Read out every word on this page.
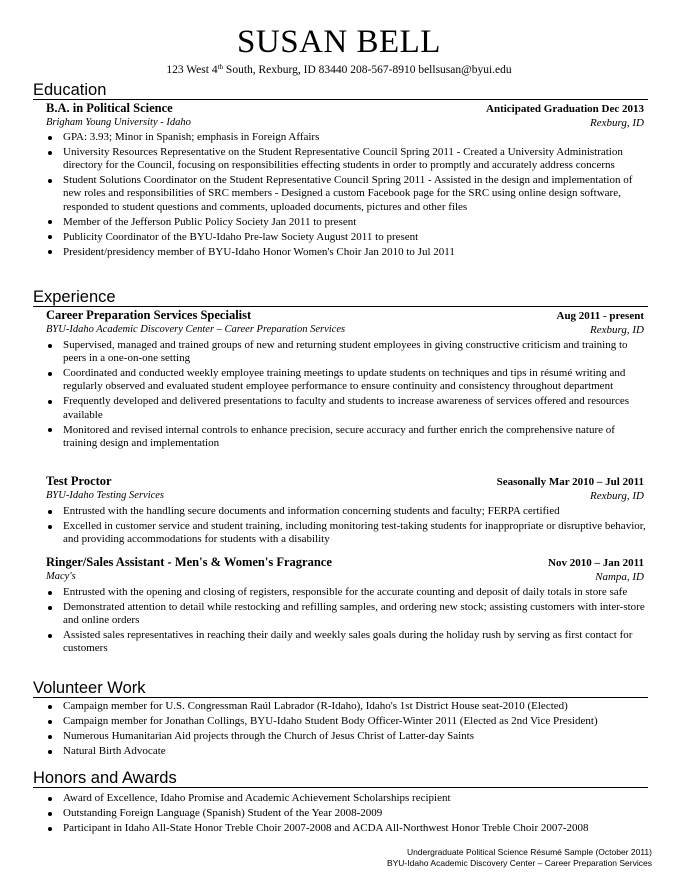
SUSAN BELL
123 West 4th South, Rexburg, ID 83440 208-567-8910 bellsusan@byui.edu
Education
B.A. in Political Science	Anticipated Graduation Dec 2013
Brigham Young University - Idaho	Rexburg, ID
GPA: 3.93; Minor in Spanish; emphasis in Foreign Affairs
University Resources Representative on the Student Representative Council Spring 2011 - Created a University Administration directory for the Council, focusing on responsibilities effecting students in order to promptly and accurately address concerns
Student Solutions Coordinator on the Student Representative Council Spring 2011 - Assisted in the design and implementation of new roles and responsibilities of SRC members - Designed a custom Facebook page for the SRC using online design software, responded to student questions and comments, uploaded documents, pictures and other files
Member of the Jefferson Public Policy Society Jan 2011 to present
Publicity Coordinator of the BYU-Idaho Pre-law Society August 2011 to present
President/presidency member of BYU-Idaho Honor Women's Choir Jan 2010 to Jul 2011
Experience
Career Preparation Services Specialist	Aug 2011 - present
BYU-Idaho Academic Discovery Center – Career Preparation Services	Rexburg, ID
Supervised, managed and trained groups of new and returning student employees in giving constructive criticism and training to peers in a one-on-one setting
Coordinated and conducted weekly employee training meetings to update students on techniques and tips in résumé writing and regularly observed and evaluated student employee performance to ensure continuity and consistency throughout department
Frequently developed and delivered presentations to faculty and students to increase awareness of services offered and resources available
Monitored and revised internal controls to enhance precision, secure accuracy and further enrich the comprehensive nature of training design and implementation
Test Proctor	Seasonally Mar 2010 – Jul 2011
BYU-Idaho Testing Services	Rexburg, ID
Entrusted with the handling secure documents and information concerning students and faculty; FERPA certified
Excelled in customer service and student training, including monitoring test-taking students for inappropriate or disruptive behavior, and providing accommodations for students with a disability
Ringer/Sales Assistant - Men's & Women's Fragrance	Nov 2010 – Jan 2011
Macy's	Nampa, ID
Entrusted with the opening and closing of registers, responsible for the accurate counting and deposit of daily totals in store safe
Demonstrated attention to detail while restocking and refilling samples, and ordering new stock; assisting customers with inter-store and online orders
Assisted sales representatives in reaching their daily and weekly sales goals during the holiday rush by serving as first contact for customers
Volunteer Work
Campaign member for U.S. Congressman Raúl Labrador (R-Idaho), Idaho's 1st District House seat-2010 (Elected)
Campaign member for Jonathan Collings, BYU-Idaho Student Body Officer-Winter 2011 (Elected as 2nd Vice President)
Numerous Humanitarian Aid projects through the Church of Jesus Christ of Latter-day Saints
Natural Birth Advocate
Honors and Awards
Award of Excellence, Idaho Promise and Academic Achievement Scholarships recipient
Outstanding Foreign Language (Spanish) Student of the Year 2008-2009
Participant in Idaho All-State Honor Treble Choir 2007-2008 and ACDA All-Northwest Honor Treble Choir 2007-2008
Undergraduate Political Science Résumé Sample (October 2011)
BYU-Idaho Academic Discovery Center – Career Preparation Services
